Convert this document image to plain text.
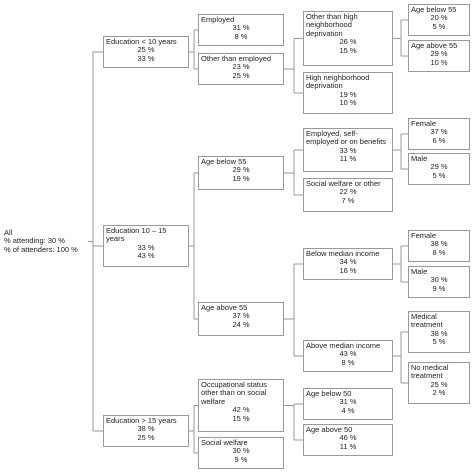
All
% attending: 30 %
% of attenders: 100 %
Education < 10 years
25 %
33 %
Education 10 – 15 years
33 %
43 %
Education > 15 years
38 %
25 %
Employed
31 %
8 %
Other than employed
23 %
25 %
Age below 55
29 %
19 %
Age above 55
37 %
24 %
Occupational status other than on social welfare
42 %
15 %
Social welfare
30 %
9 %
Other than high neighborhood deprivation
26 %
15 %
High neighborhood deprivation
19 %
10 %
Employed, self-employed or on benefits
33 %
11 %
Social welfare or other
22 %
7 %
Below median income
34 %
16 %
Above median income
43 %
8 %
Age below 50
31 %
4 %
Age above 50
46 %
11 %
Age below 55
20 %
5 %
Age above 55
29 %
10 %
Female
37 %
6 %
Male
29 %
5 %
Female
38 %
8 %
Male
30 %
9 %
Medical treatment
38 %
5 %
No medical treatment
25 %
2 %
